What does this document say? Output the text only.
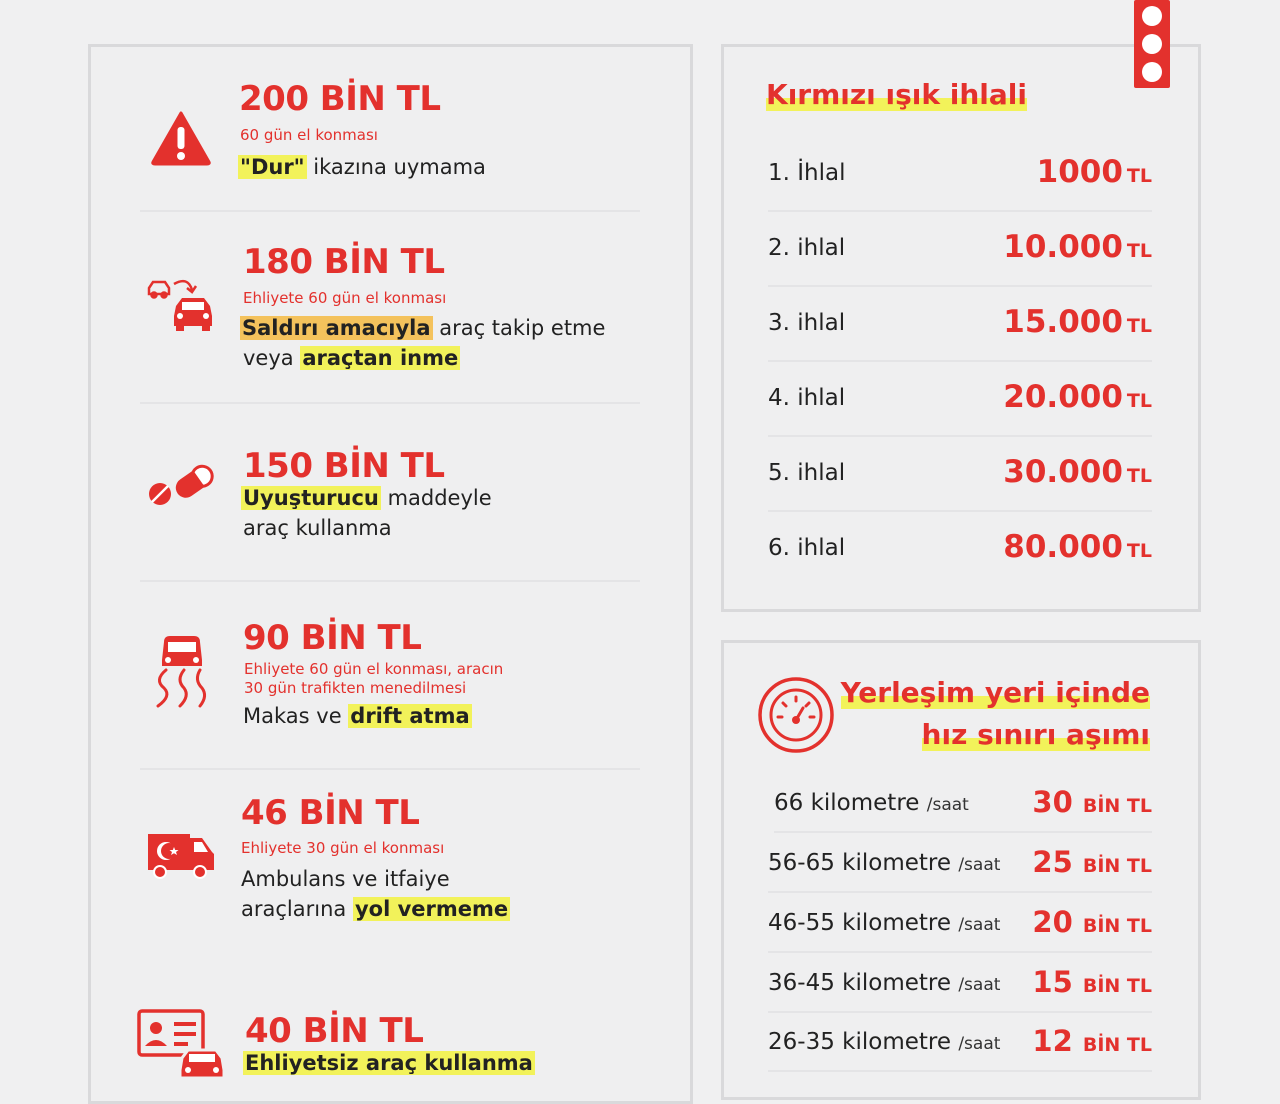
200 BİN TL
60 gün el konması
"Dur" ikazına uymama
180 BİN TL
Ehliyete 60 gün el konması
Saldırı amacıyla araç takip etme
veya araçtan inme
150 BİN TL
Uyuşturucu maddeyle
araç kullanma
90 BİN TL
Ehliyete 60 gün el konması, aracın
30 gün trafikten menedilmesi
Makas ve drift atma
46 BİN TL
Ehliyete 30 gün el konması
Ambulans ve itfaiye
araçlarına yol vermeme
40 BİN TL
Ehliyetsiz araç kullanma
Kırmızı ışık ihlali
1. İhlal	1000 TL
2. ihlal	10.000 TL
3. ihlal	15.000 TL
4. ihlal	20.000 TL
5. ihlal	30.000 TL
6. ihlal	80.000 TL
Yerleşim yeri içinde
hız sınırı aşımı
66 kilometre /saat 30 BİN TL
56-65 kilometre /saat 25 BİN TL
46-55 kilometre /saat 20 BİN TL
36-45 kilometre /saat 15 BİN TL
26-35 kilometre /saat 12 BİN TL
